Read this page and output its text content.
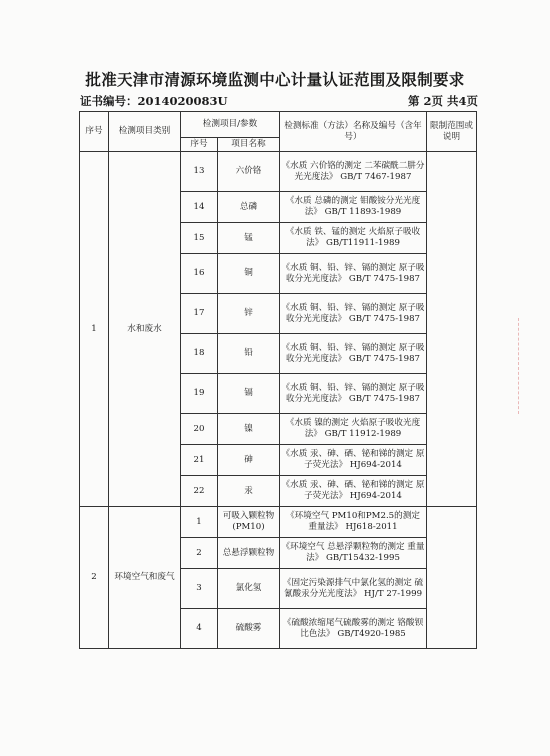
批准天津市清源环境监测中心计量认证范围及限制要求
证书编号：2014020083U	第 2页 共4页
序号	检测项目类别	检测项目/参数		检测标准（方法）名称及编号（含年号）	限制范围或说明
		序号	项目名称		
1	水和废水	13	六价铬	《水质 六价铬的测定 二苯碳酰二肼分光光度法》 GB/T 7467-1987	
		14	总磷	《水质 总磷的测定 钼酸铵分光光度法》 GB/T 11893-1989	
		15	锰	《水质 铁、锰的测定 火焰原子吸收法》 GB/T11911-1989	
		16	铜	《水质 铜、铅、锌、镉的测定 原子吸收分光光度法》 GB/T 7475-1987	
		17	锌	《水质 铜、铅、锌、镉的测定 原子吸收分光光度法》 GB/T 7475-1987	
		18	铅	《水质 铜、铅、锌、镉的测定 原子吸收分光光度法》 GB/T 7475-1987	
		19	镉	《水质 铜、铅、锌、镉的测定 原子吸收分光光度法》 GB/T 7475-1987	
		20	镍	《水质 镍的测定 火焰原子吸收光度法》 GB/T 11912-1989	
		21	砷	《水质 汞、砷、硒、铋和锑的测定 原子荧光法》 HJ694-2014	
		22	汞	《水质 汞、砷、硒、铋和锑的测定 原子荧光法》 HJ694-2014	
2	环境空气和废气	1	可吸入颗粒物(PM10)	《环境空气 PM10和PM2.5的测定 重量法》 HJ618-2011	
		2	总悬浮颗粒物	《环境空气 总悬浮颗粒物的测定 重量法》 GB/T15432-1995	
		3	氯化氢	《固定污染源排气中氯化氢的测定 硫氰酸汞分光光度法》 HJ/T 27-1999	
		4	硫酸雾	《硫酸浓缩尾气硫酸雾的测定 铬酸钡比色法》 GB/T4920-1985	
